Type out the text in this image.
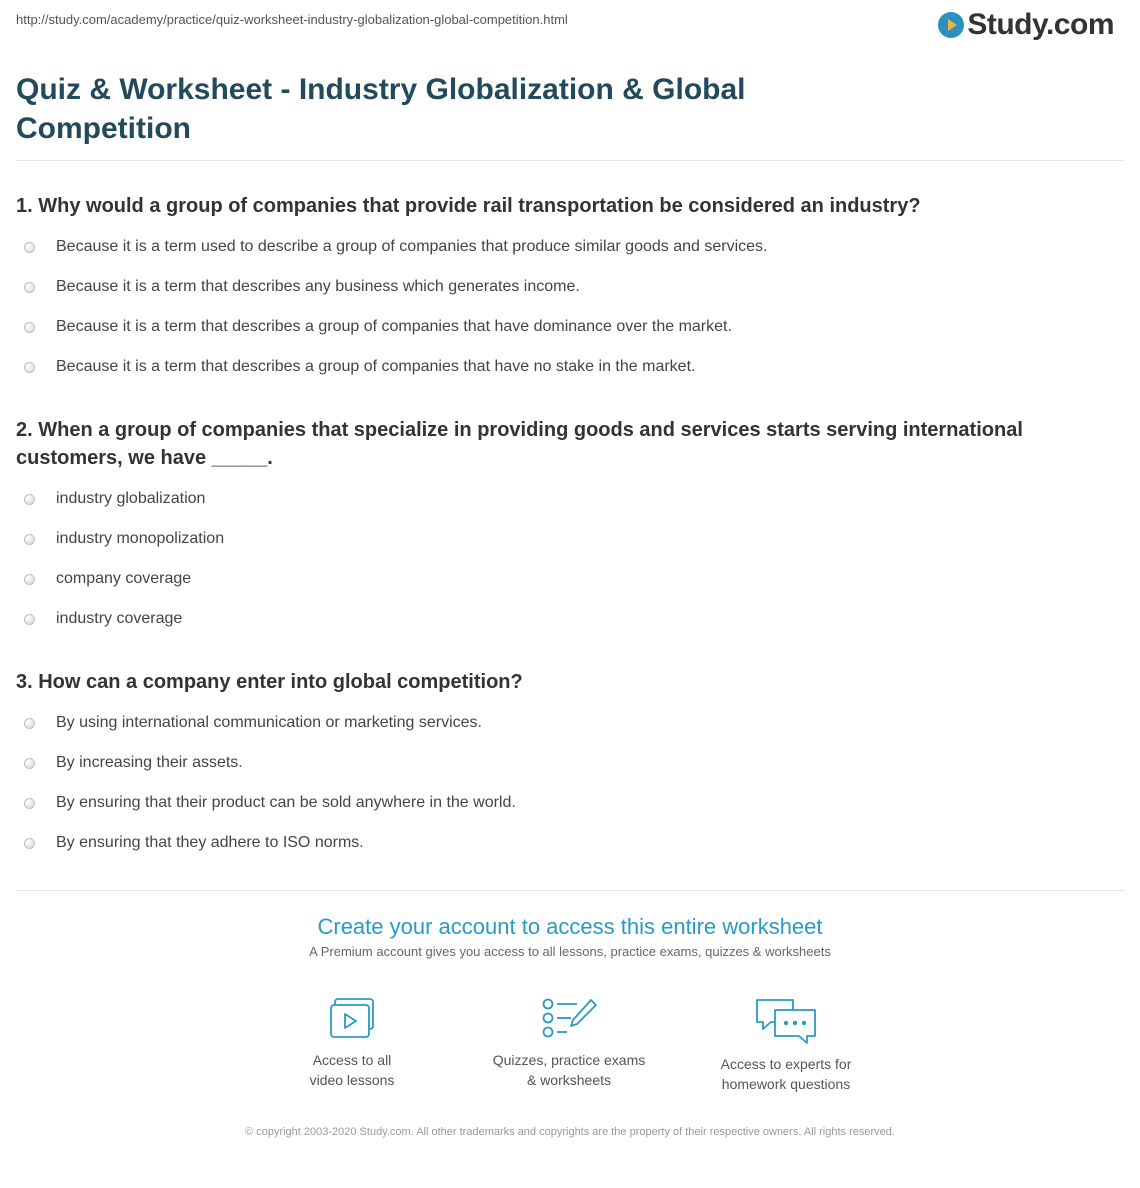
http://study.com/academy/practice/quiz-worksheet-industry-globalization-global-competition.html	Study.com
Quiz & Worksheet - Industry Globalization & Global Competition

1. Why would a group of companies that provide rail transportation be considered an industry?

Because it is a term used to describe a group of companies that produce similar goods and services.
Because it is a term that describes any business which generates income.
Because it is a term that describes a group of companies that have dominance over the market.
Because it is a term that describes a group of companies that have no stake in the market.

2. When a group of companies that specialize in providing goods and services starts serving international customers, we have _____.

industry globalization
industry monopolization
company coverage
industry coverage

3. How can a company enter into global competition?

By using international communication or marketing services.
By increasing their assets.
By ensuring that their product can be sold anywhere in the world.
By ensuring that they adhere to ISO norms.
Create your account to access this entire worksheet
A Premium account gives you access to all lessons, practice exams, quizzes & worksheets
Access to all
video lessons
Quizzes, practice exams
& worksheets
Access to experts for
homework questions
© copyright 2003-2020 Study.com. All other trademarks and copyrights are the property of their respective owners. All rights reserved.
